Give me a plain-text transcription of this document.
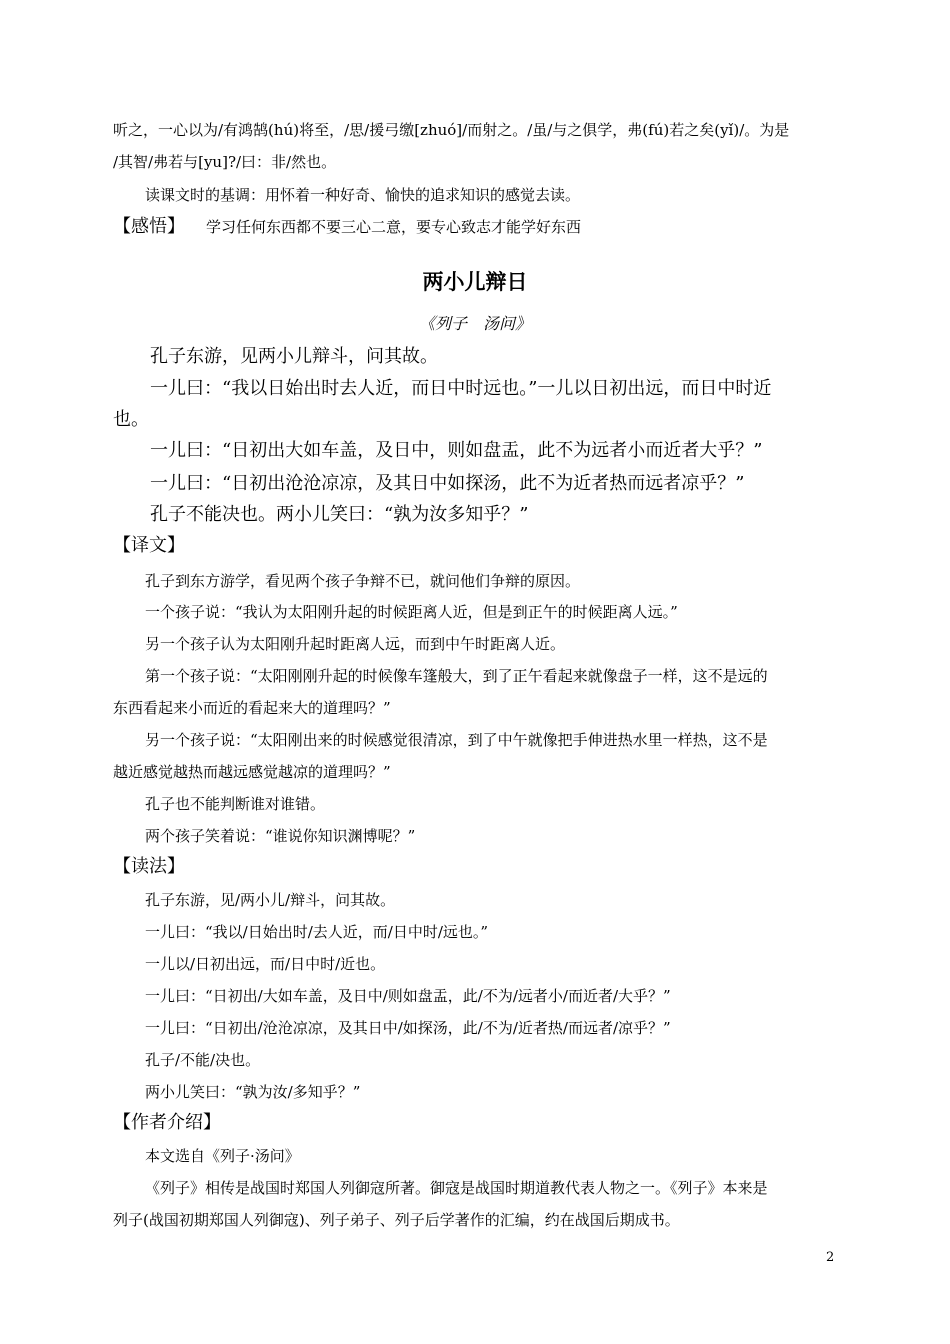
听之，一心以为/有鸿鹄(hú)将至，/思/援弓缴[zhuó]/而射之。/虽/与之俱学，弗(fú)若之矣(yǐ)/。为是
/其智/弗若与[yu]?/曰：非/然也。
读课文时的基调：用怀着一种好奇、愉快的追求知识的感觉去读。
【感悟】 学习任何东西都不要三心二意，要专心致志才能学好东西
两小儿辩日
《列子　汤问》
孔子东游，见两小儿辩斗，问其故。
一儿曰：“我以日始出时去人近，而日中时远也。”一儿以日初出远，而日中时近
也。
一儿曰：“日初出大如车盖，及日中，则如盘盂，此不为远者小而近者大乎？”
一儿曰：“日初出沧沧凉凉，及其日中如探汤，此不为近者热而远者凉乎？”
孔子不能决也。两小儿笑曰：“孰为汝多知乎？”
【译文】
孔子到东方游学，看见两个孩子争辩不已，就问他们争辩的原因。
一个孩子说：“我认为太阳刚升起的时候距离人近，但是到正午的时候距离人远。”
另一个孩子认为太阳刚升起时距离人远，而到中午时距离人近。
第一个孩子说：“太阳刚刚升起的时候像车篷般大，到了正午看起来就像盘子一样，这不是远的
东西看起来小而近的看起来大的道理吗？”
另一个孩子说：“太阳刚出来的时候感觉很清凉，到了中午就像把手伸进热水里一样热，这不是
越近感觉越热而越远感觉越凉的道理吗？”
孔子也不能判断谁对谁错。
两个孩子笑着说：“谁说你知识渊博呢？”
【读法】
孔子东游，见/两小儿/辩斗，问其故。
一儿曰：“我以/日始出时/去人近，而/日中时/远也。”
一儿以/日初出远，而/日中时/近也。
一儿曰：“日初出/大如车盖，及日中/则如盘盂，此/不为/远者小/而近者/大乎？”
一儿曰：“日初出/沧沧凉凉，及其日中/如探汤，此/不为/近者热/而远者/凉乎？”
孔子/不能/决也。
两小儿笑曰：“孰为汝/多知乎？”
【作者介绍】
本文选自《列子·汤问》
《列子》相传是战国时郑国人列御寇所著。御寇是战国时期道教代表人物之一。《列子》本来是
列子(战国初期郑国人列御寇)、列子弟子、列子后学著作的汇编，约在战国后期成书。
2
